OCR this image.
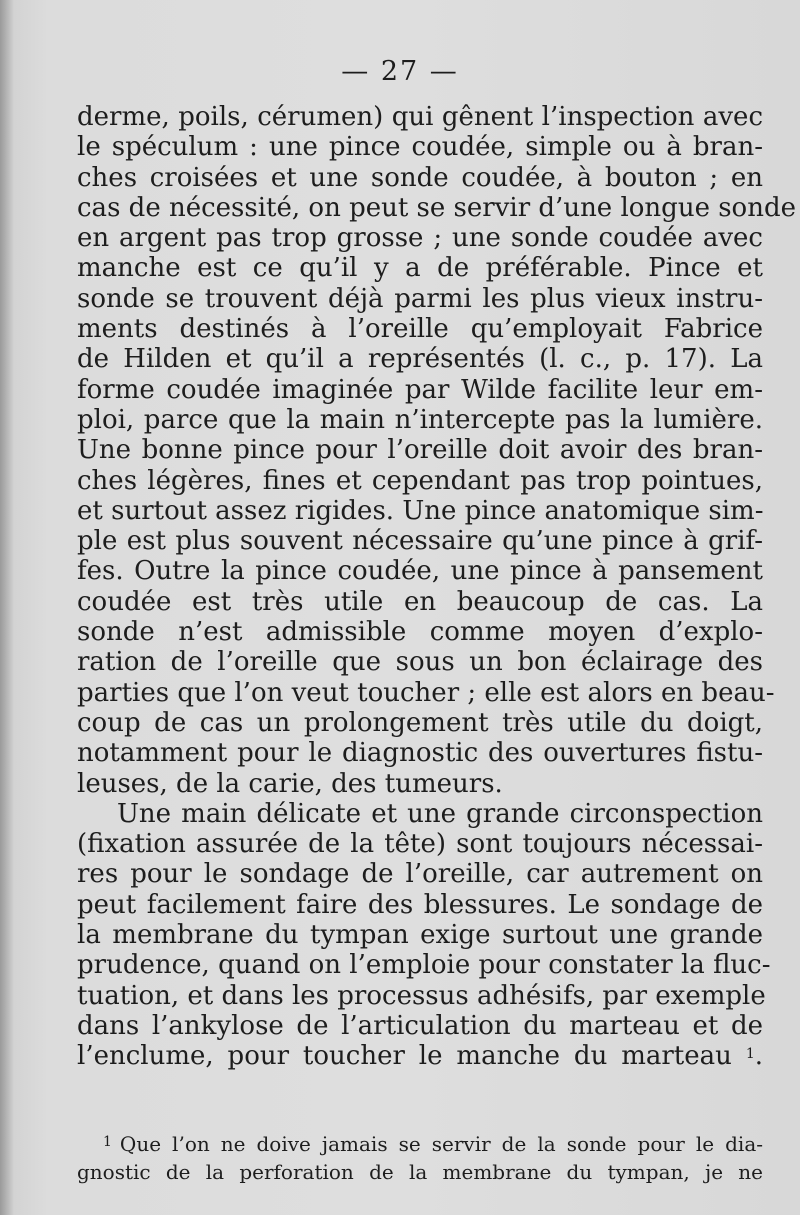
— 27 —
derme, poils, cérumen) qui gênent l’inspection avec
le spéculum : une pince coudée, simple ou à bran-
ches croisées et une sonde coudée, à bouton ; en
cas de nécessité, on peut se servir d’une longue sonde
en argent pas trop grosse ; une sonde coudée avec
manche est ce qu’il y a de préférable. Pince et
sonde se trouvent déjà parmi les plus vieux instru-
ments destinés à l’oreille qu’employait Fabrice
de Hilden et qu’il a représentés (l. c., p. 17). La
forme coudée imaginée par Wilde facilite leur em-
ploi, parce que la main n’intercepte pas la lumière.
Une bonne pince pour l’oreille doit avoir des bran-
ches légères, fines et cependant pas trop pointues,
et surtout assez rigides. Une pince anatomique sim-
ple est plus souvent nécessaire qu’une pince à grif-
fes. Outre la pince coudée, une pince à pansement
coudée est très utile en beaucoup de cas. La
sonde n’est admissible comme moyen d’explo-
ration de l’oreille que sous un bon éclairage des
parties que l’on veut toucher ; elle est alors en beau-
coup de cas un prolongement très utile du doigt,
notamment pour le diagnostic des ouvertures fistu-
leuses, de la carie, des tumeurs.
Une main délicate et une grande circonspection
(fixation assurée de la tête) sont toujours nécessai-
res pour le sondage de l’oreille, car autrement on
peut facilement faire des blessures. Le sondage de
la membrane du tympan exige surtout une grande
prudence, quand on l’emploie pour constater la fluc-
tuation, et dans les processus adhésifs, par exemple
dans l’ankylose de l’articulation du marteau et de
l’enclume, pour toucher le manche du marteau $^1$.
$^1$ Que l’on ne doive jamais se servir de la sonde pour le dia-
gnostic de la perforation de la membrane du tympan, je ne
